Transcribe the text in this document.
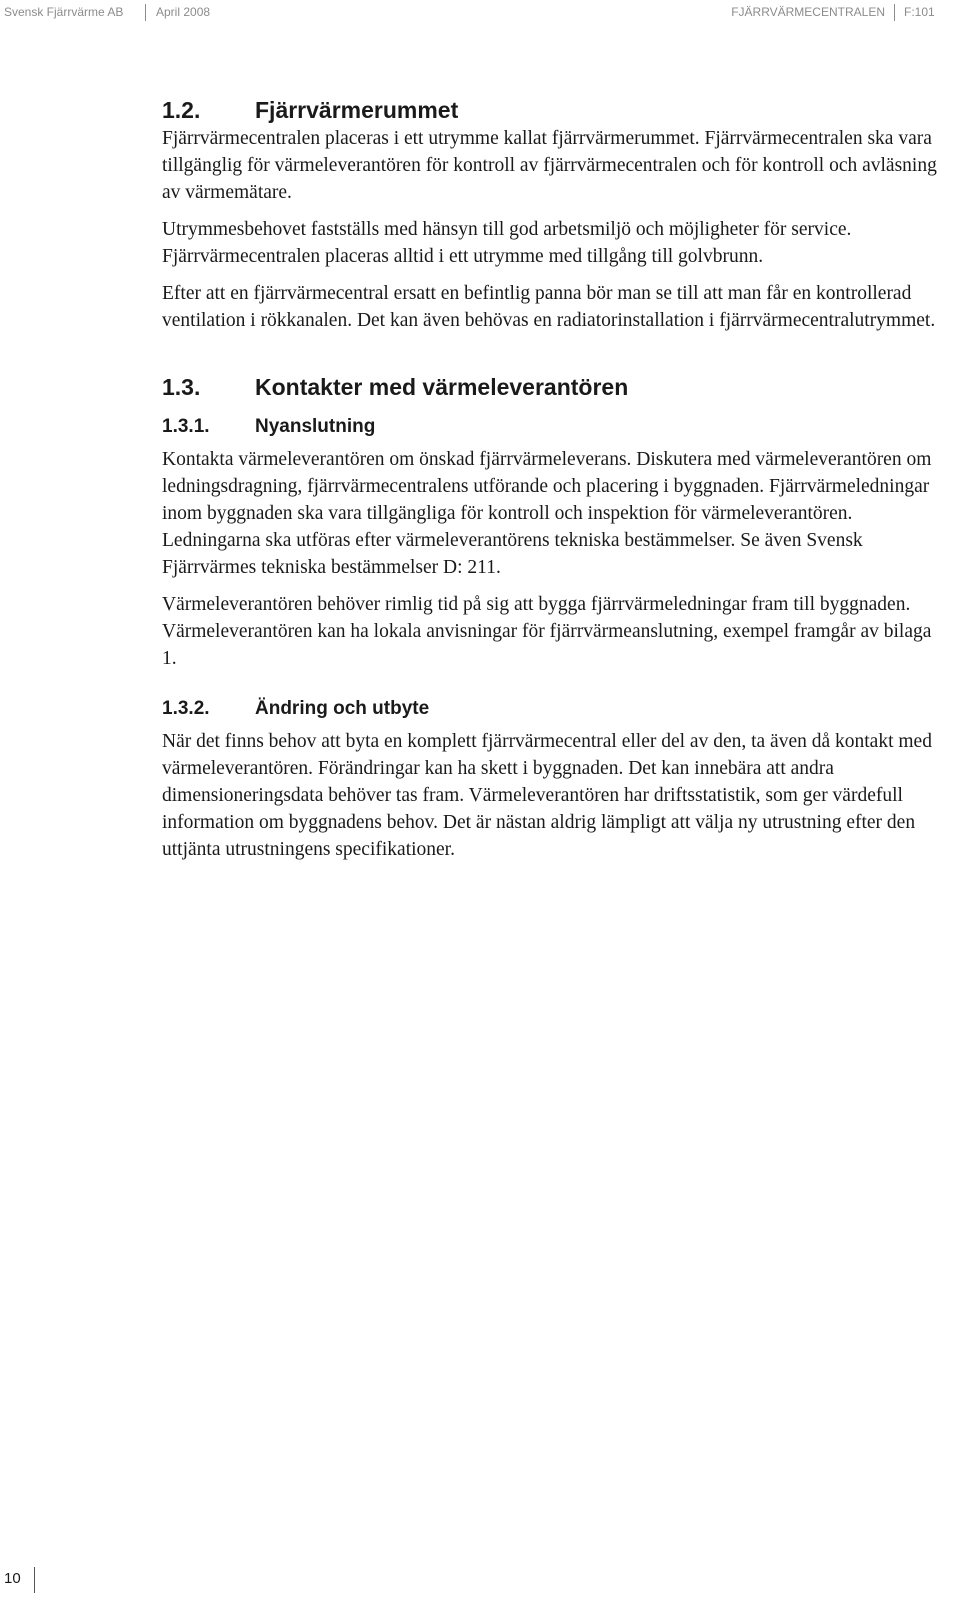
Svensk Fjärrvärme AB	April 2008	FJÄRRVÄRMECENTRALEN F:101
1.2.	Fjärrvärmerummet

Fjärrvärmecentralen placeras i ett utrymme kallat fjärrvärmerummet. Fjärrvärmecentralen ska vara tillgänglig för värmeleverantören för kontroll av fjärrvärmecentralen och för kontroll och avläsning av värmemätare.

Utrymmesbehovet fastställs med hänsyn till god arbetsmiljö och möjligheter för service. Fjärrvärmecentralen placeras alltid i ett utrymme med tillgång till golvbrunn.

Efter att en fjärrvärmecentral ersatt en befintlig panna bör man se till att man får en kontrollerad ventilation i rökkanalen. Det kan även behövas en radiatorinstallation i fjärrvärmecentralutrymmet.

1.3.	Kontakter med värmeleverantören
1.3.1.	Nyanslutning

Kontakta värmeleverantören om önskad fjärrvärmeleverans. Diskutera med värmeleverantören om ledningsdragning, fjärrvärmecentralens utförande och placering i byggnaden. Fjärrvärmeledningar inom byggnaden ska vara tillgängliga för kontroll och inspektion för värmeleverantören. Ledningarna ska utföras efter värmeleverantörens tekniska bestämmelser. Se även Svensk Fjärrvärmes tekniska bestämmelser D: 211.

Värmeleverantören behöver rimlig tid på sig att bygga fjärrvärmeledningar fram till byggnaden. Värmeleverantören kan ha lokala anvisningar för fjärrvärmeanslutning, exempel framgår av bilaga 1.

1.3.2.	Ändring och utbyte

När det finns behov att byta en komplett fjärrvärmecentral eller del av den, ta även då kontakt med värmeleverantören. Förändringar kan ha skett i byggnaden. Det kan innebära att andra dimensioneringsdata behöver tas fram. Värmeleverantören har driftsstatistik, som ger värdefull information om byggnadens behov. Det är nästan aldrig lämpligt att välja ny utrustning efter den uttjänta utrustningens specifikationer.

10
